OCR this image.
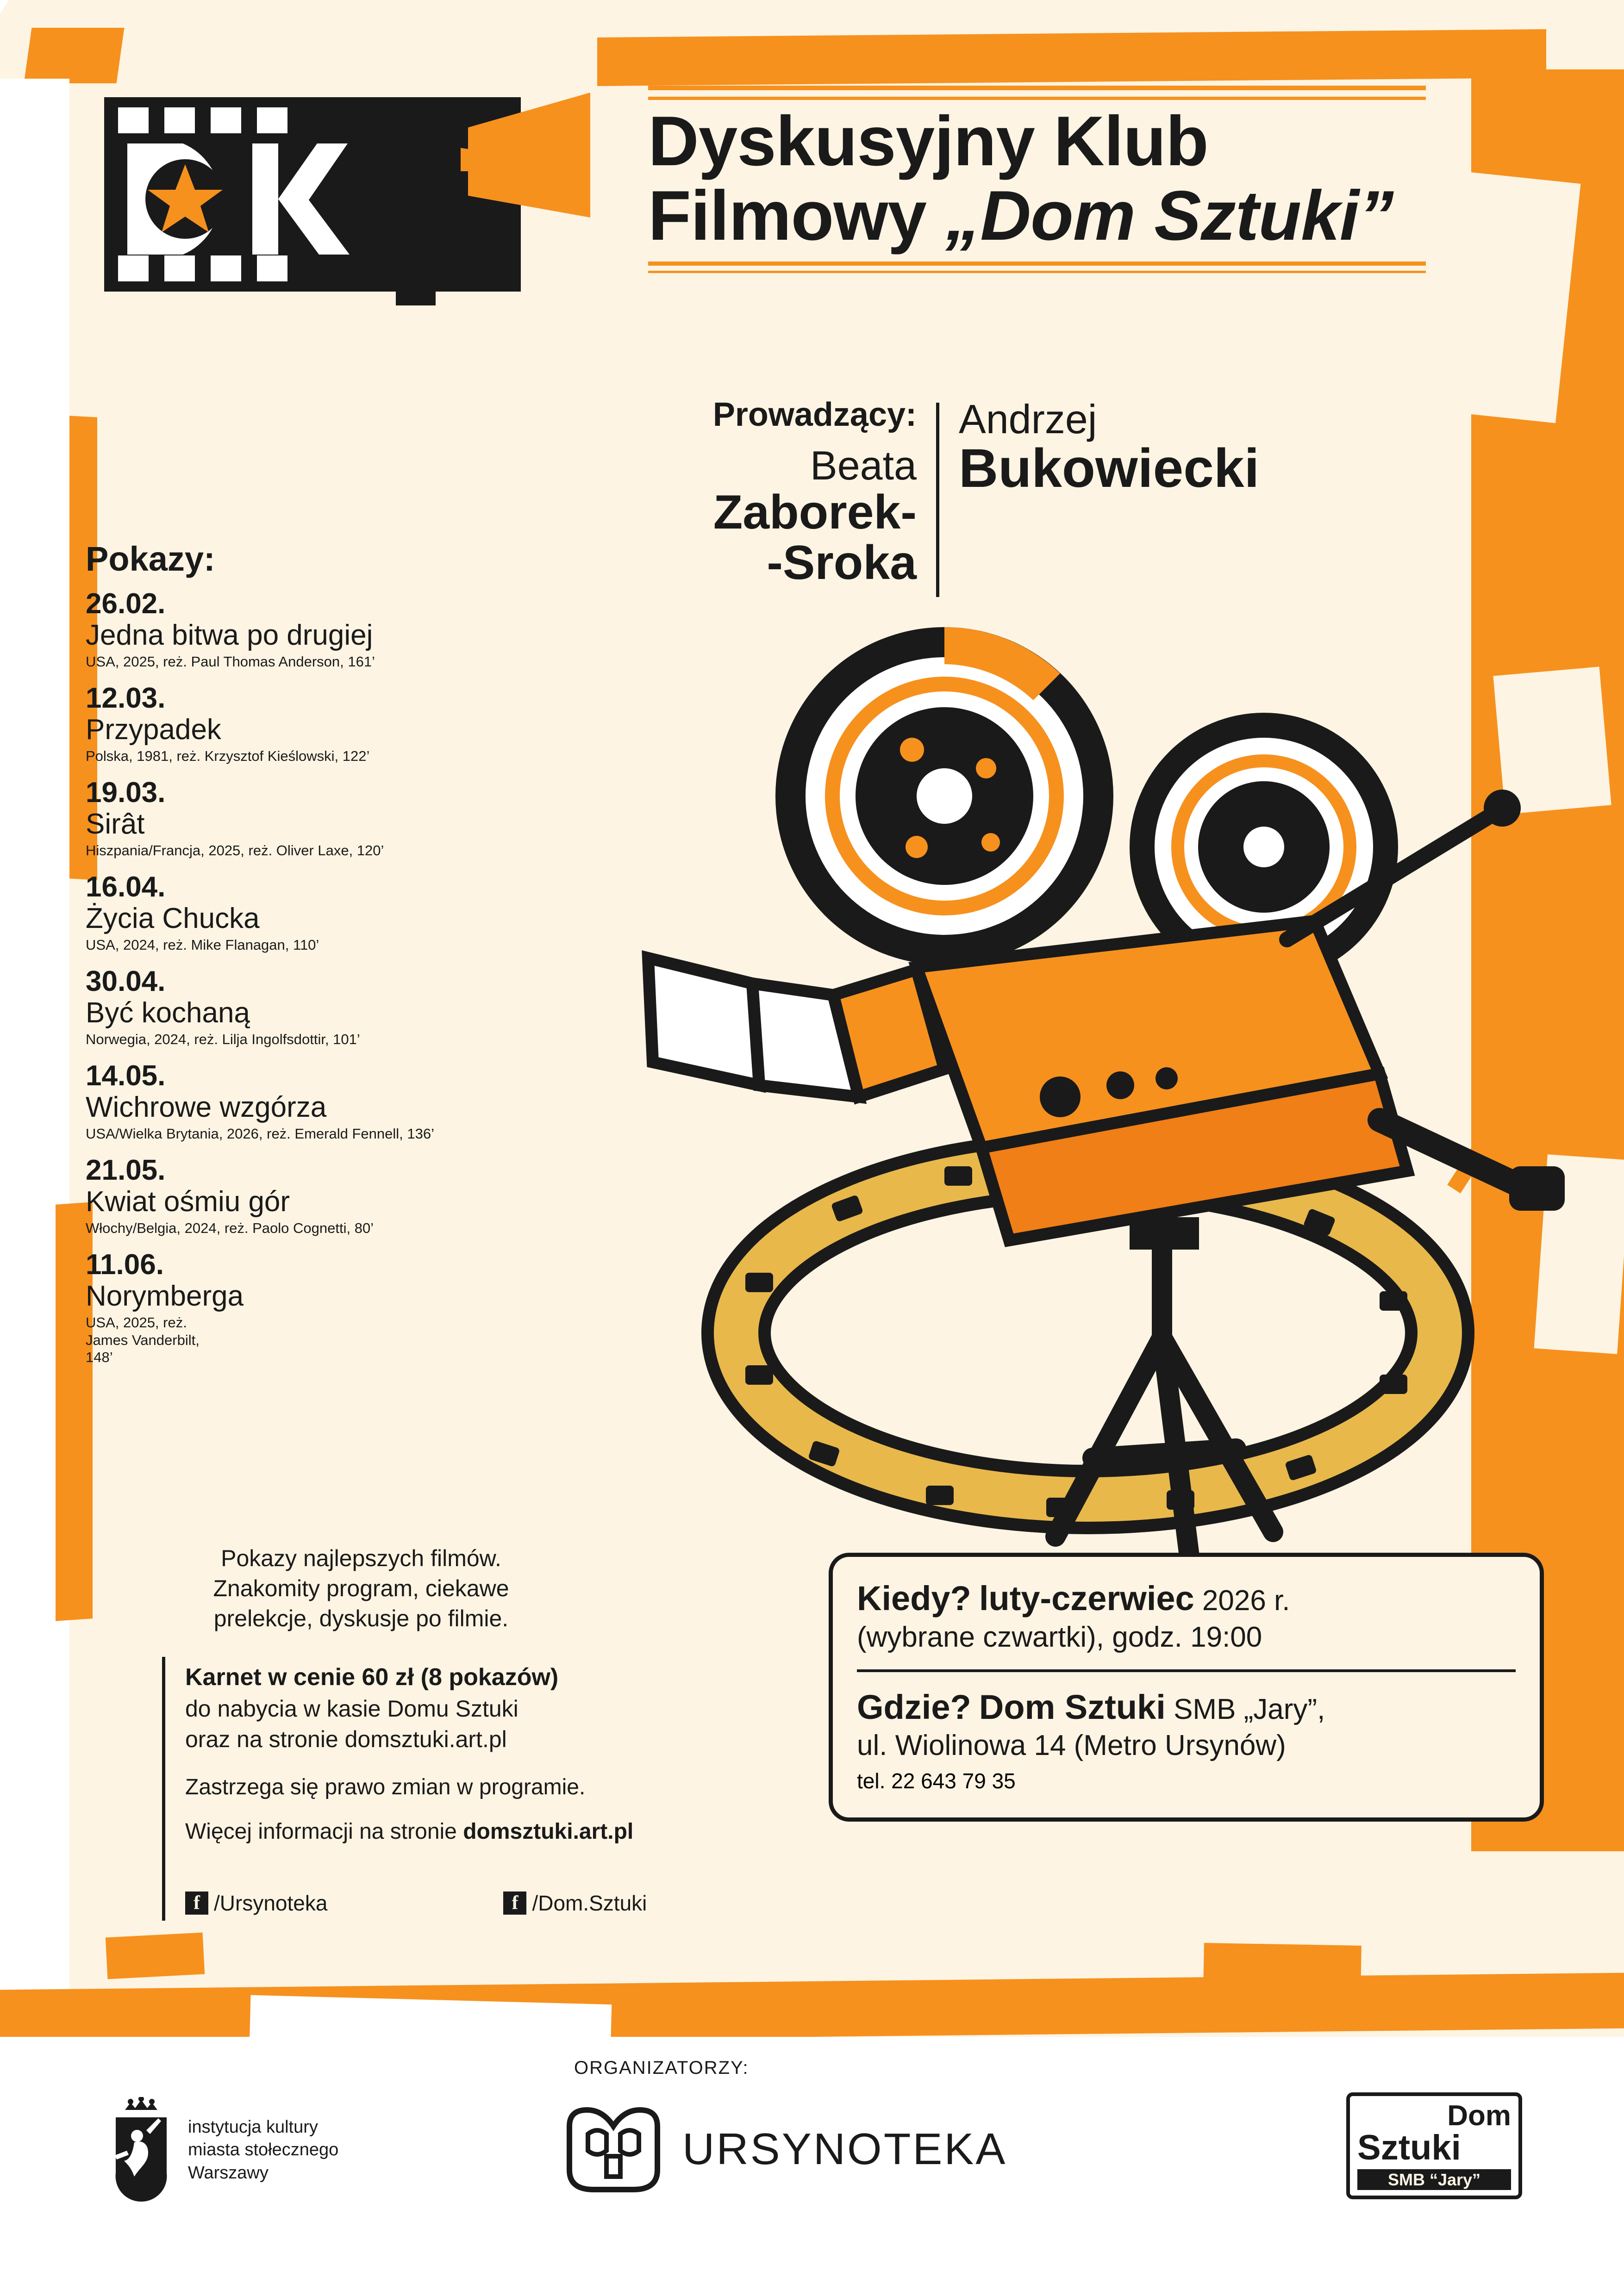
Dyskusyjny Klub
Filmowy „Dom Sztuki”
Prowadzący:
Beata
Zaborek-
-Sroka
Andrzej
Bukowiecki
Pokazy:
26.02.
Jedna bitwa po drugiej
USA, 2025, reż. Paul Thomas Anderson, 161’
12.03.
Przypadek
Polska, 1981, reż. Krzysztof Kieślowski, 122’
19.03.
Sirât
Hiszpania/Francja, 2025, reż. Oliver Laxe, 120’
16.04.
Życia Chucka
USA, 2024, reż. Mike Flanagan, 110’
30.04.
Być kochaną
Norwegia, 2024, reż. Lilja Ingolfsdottir, 101’
14.05.
Wichrowe wzgórza
USA/Wielka Brytania, 2026, reż. Emerald Fennell, 136’
21.05.
Kwiat ośmiu gór
Włochy/Belgia, 2024, reż. Paolo Cognetti, 80’
11.06.
Norymberga
USA, 2025, reż. James Vanderbilt, 148’
Pokazy najlepszych filmów.
Znakomity program, ciekawe
prelekcje, dyskusje po filmie.
Karnet w cenie 60 zł (8 pokazów)
do nabycia w kasie Domu Sztuki
oraz na stronie domsztuki.art.pl
Zastrzega się prawo zmian w programie.
Więcej informacji na stronie domsztuki.art.pl
f /Ursynoteka	f /Dom.Sztuki
Kiedy? luty-czerwiec 2026 r.
(wybrane czwartki), godz. 19:00
Gdzie? Dom Sztuki SMB „Jary”,
ul. Wiolinowa 14 (Metro Ursynów)
tel. 22 643 79 35
ORGANIZATORZY:
instytucja kultury
miasta stołecznego
Warszawy	URSYNOTEKA
Dom
Sztuki
SMB “Jary”
